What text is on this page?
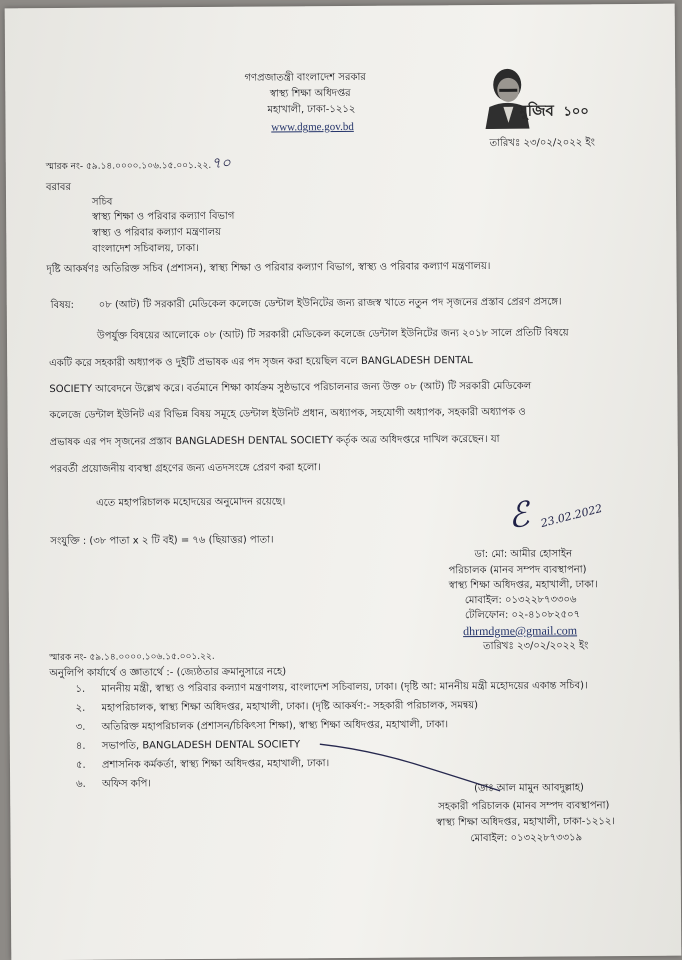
গণপ্রজাতন্ত্রী বাংলাদেশ সরকার
স্বাস্থ্য শিক্ষা অধিদপ্তর
মহাখালী, ঢাকা-১২১২
www.dgme.gov.bd
মুজিব ১০০
স্মারক নং- ৫৯.১৪.০০০০.১০৬.১৫.০০১.২২.৭০
তারিখঃ ২৩/০২/২০২২ ইং
বরাবর
সচিব
স্বাস্থ্য শিক্ষা ও পরিবার কল্যাণ বিভাগ
স্বাস্থ্য ও পরিবার কল্যাণ মন্ত্রণালয়
বাংলাদেশ সচিবালয়, ঢাকা।
দৃষ্টি আকর্ষণঃ অতিরিক্ত সচিব (প্রশাসন), স্বাস্থ্য শিক্ষা ও পরিবার কল্যাণ বিভাগ, স্বাস্থ্য ও পরিবার কল্যাণ মন্ত্রণালয়।
বিষয়: ০৮ (আট) টি সরকারী মেডিকেল কলেজে ডেন্টাল ইউনিটের জন্য রাজস্ব খাতে নতুন পদ সৃজনের প্রস্তাব প্রেরণ প্রসঙ্গে।
উপর্যুক্ত বিষয়ের আলোকে ০৮ (আট) টি সরকারী মেডিকেল কলেজে ডেন্টাল ইউনিটের জন্য ২০১৮ সালে প্রতিটি বিষয়ে
একটি করে সহকারী অধ্যাপক ও দুইটি প্রভাষক এর পদ সৃজন করা হয়েছিল বলে BANGLADESH DENTAL
SOCIETY আবেদনে উল্লেখ করে। বর্তমানে শিক্ষা কার্যক্রম সুষ্ঠভাবে পরিচালনার জন্য উক্ত ০৮ (আট) টি সরকারী মেডিকেল
কলেজে ডেন্টাল ইউনিট এর বিভিন্ন বিষয় সমূহে ডেন্টাল ইউনিট প্রধান, অধ্যাপক, সহযোগী অধ্যাপক, সহকারী অধ্যাপক ও
প্রভাষক এর পদ সৃজনের প্রস্তাব BANGLADESH DENTAL SOCIETY কর্তৃক অত্র অধিদপ্তরে দাখিল করেছেন। যা
পরবর্তী প্রয়োজনীয় ব্যবস্থা গ্রহণের জন্য এতদসংঙ্গে প্রেরণ করা হলো।
এতে মহাপরিচালক মহোদয়ের অনুমোদন রয়েছে।
সংযুক্তি : (৩৮ পাতা x ২ টি বই) = ৭৬ (ছিয়াত্তর) পাতা।
ℰ 23.02.2022
ডা: মো: আমীর হোসাইন
পরিচালক (মানব সম্পদ ব্যবস্থাপনা)
স্বাস্থ্য শিক্ষা অধিদপ্তর, মহাখালী, ঢাকা।
মোবাইল: ০১৩২২৮৭৩৩০৬
টেলিফোন: ০২-৪১০৮২৫০৭
dhrmdgme@gmail.com
তারিখঃ ২৩/০২/২০২২ ইং
স্মারক নং- ৫৯.১৪.০০০০.১০৬.১৫.০০১.২২.
অনুলিপি কার্যার্থে ও জ্ঞাতার্থে :- (জ্যেষ্ঠতার ক্রমানুসারে নহে)
১. মাননীয় মন্ত্রী, স্বাস্থ্য ও পরিবার কল্যাণ মন্ত্রণালয়, বাংলাদেশ সচিবালয়, ঢাকা। (দৃষ্টি আ: মাননীয় মন্ত্রী মহোদয়ের একান্ত সচিব)।
২. মহাপরিচালক, স্বাস্থ্য শিক্ষা অধিদপ্তর, মহাখালী, ঢাকা। (দৃষ্টি আকর্ষণ:- সহকারী পরিচালক, সমন্বয়)
৩. অতিরিক্ত মহাপরিচালক (প্রশাসন/চিকিৎসা শিক্ষা), স্বাস্থ্য শিক্ষা অধিদপ্তর, মহাখালী, ঢাকা।
৪. সভাপতি, BANGLADESH DENTAL SOCIETY
৫. প্রশাসনিক কর্মকর্তা, স্বাস্থ্য শিক্ষা অধিদপ্তর, মহাখালী, ঢাকা।
৬. অফিস কপি।	(ডাঃ আল মামুন আবদুল্লাহ)
সহকারী পরিচালক (মানব সম্পদ ব্যবস্থাপনা)
স্বাস্থ্য শিক্ষা অধিদপ্তর, মহাখালী, ঢাকা-১২১২।
মোবাইল: ০১৩২২৮৭৩৩১৯
